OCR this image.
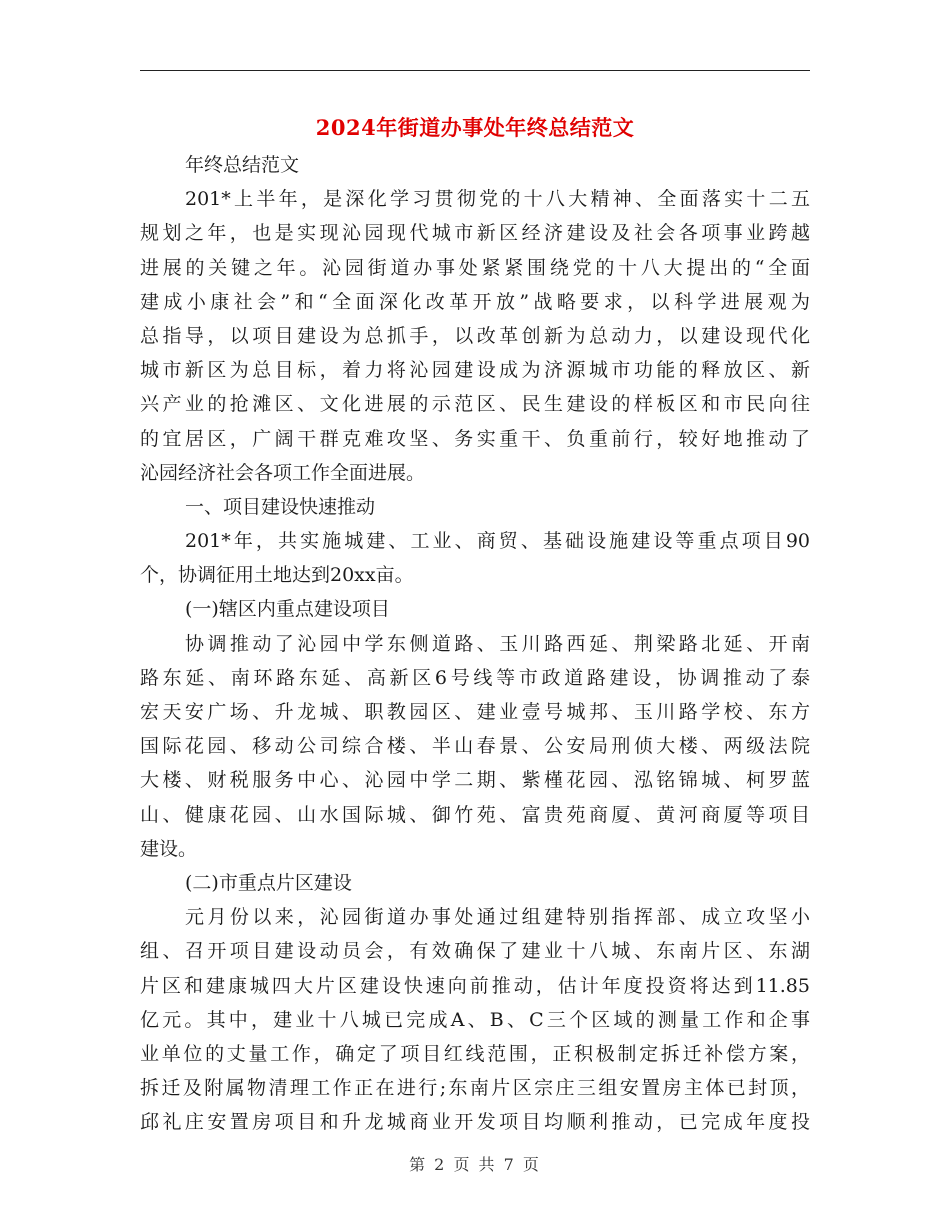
2024年街道办事处年终总结范文
年终总结范文
201*上半年，是深化学习贯彻党的十八大精神、全面落实十二五
规划之年，也是实现沁园现代城市新区经济建设及社会各项事业跨越
进展的关键之年。沁园街道办事处紧紧围绕党的十八大提出的“全面
建成小康社会”和“全面深化改革开放”战略要求，以科学进展观为
总指导，以项目建设为总抓手，以改革创新为总动力，以建设现代化
城市新区为总目标，着力将沁园建设成为济源城市功能的释放区、新
兴产业的抢滩区、文化进展的示范区、民生建设的样板区和市民向往
的宜居区，广阔干群克难攻坚、务实重干、负重前行，较好地推动了
沁园经济社会各项工作全面进展。
一、项目建设快速推动
201*年，共实施城建、工业、商贸、基础设施建设等重点项目90
个，协调征用土地达到20xx亩。
(一)辖区内重点建设项目
协调推动了沁园中学东侧道路、玉川路西延、荆梁路北延、开南
路东延、南环路东延、高新区6号线等市政道路建设，协调推动了泰
宏天安广场、升龙城、职教园区、建业壹号城邦、玉川路学校、东方
国际花园、移动公司综合楼、半山春景、公安局刑侦大楼、两级法院
大楼、财税服务中心、沁园中学二期、紫槿花园、泓铭锦城、柯罗蓝
山、健康花园、山水国际城、御竹苑、富贵苑商厦、黄河商厦等项目
建设。
(二)市重点片区建设
元月份以来，沁园街道办事处通过组建特别指挥部、成立攻坚小
组、召开项目建设动员会，有效确保了建业十八城、东南片区、东湖
片区和建康城四大片区建设快速向前推动，估计年度投资将达到11.85
亿元。其中，建业十八城已完成A、B、C三个区域的测量工作和企事
业单位的丈量工作，确定了项目红线范围，正积极制定拆迁补偿方案，
拆迁及附属物清理工作正在进行;东南片区宗庄三组安置房主体已封顶，
邱礼庄安置房项目和升龙城商业开发项目均顺利推动，已完成年度投
第 2 页 共 7 页
